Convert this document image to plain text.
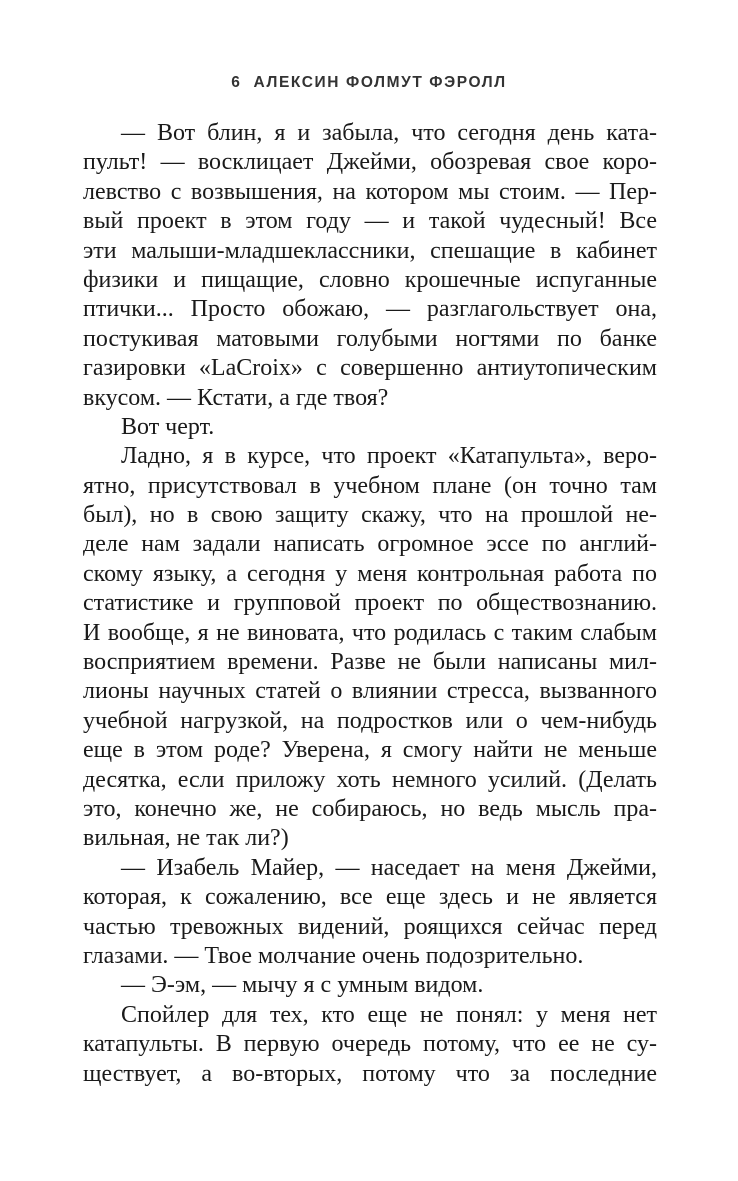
6 АЛЕКСИН ФОЛМУТ ФЭРОЛЛ
— Вот блин, я и забыла, что сегодня день ката-
пульт! — восклицает Джейми, обозревая свое коро-
левство с возвышения, на котором мы стоим. — Пер-
вый проект в этом году — и такой чудесный! Все
эти малыши-младшеклассники, спешащие в кабинет
физики и пищащие, словно крошечные испуганные
птички... Просто обожаю, — разглагольствует она,
постукивая матовыми голубыми ногтями по банке
газировки «LaCroix» с совершенно антиутопическим
вкусом. — Кстати, а где твоя?
Вот черт.
Ладно, я в курсе, что проект «Катапульта», веро-
ятно, присутствовал в учебном плане (он точно там
был), но в свою защиту скажу, что на прошлой не-
деле нам задали написать огромное эссе по англий-
скому языку, а сегодня у меня контрольная работа по
статистике и групповой проект по обществознанию.
И вообще, я не виновата, что родилась с таким слабым
восприятием времени. Разве не были написаны мил-
лионы научных статей о влиянии стресса, вызванного
учебной нагрузкой, на подростков или о чем-нибудь
еще в этом роде? Уверена, я смогу найти не меньше
десятка, если приложу хоть немного усилий. (Делать
это, конечно же, не собираюсь, но ведь мысль пра-
вильная, не так ли?)
— Изабель Майер, — наседает на меня Джейми,
которая, к сожалению, все еще здесь и не является
частью тревожных видений, роящихся сейчас перед
глазами. — Твое молчание очень подозрительно.
— Э-эм, — мычу я с умным видом.
Спойлер для тех, кто еще не понял: у меня нет
катапульты. В первую очередь потому, что ее не су-
ществует, а во-вторых, потому что за последние
